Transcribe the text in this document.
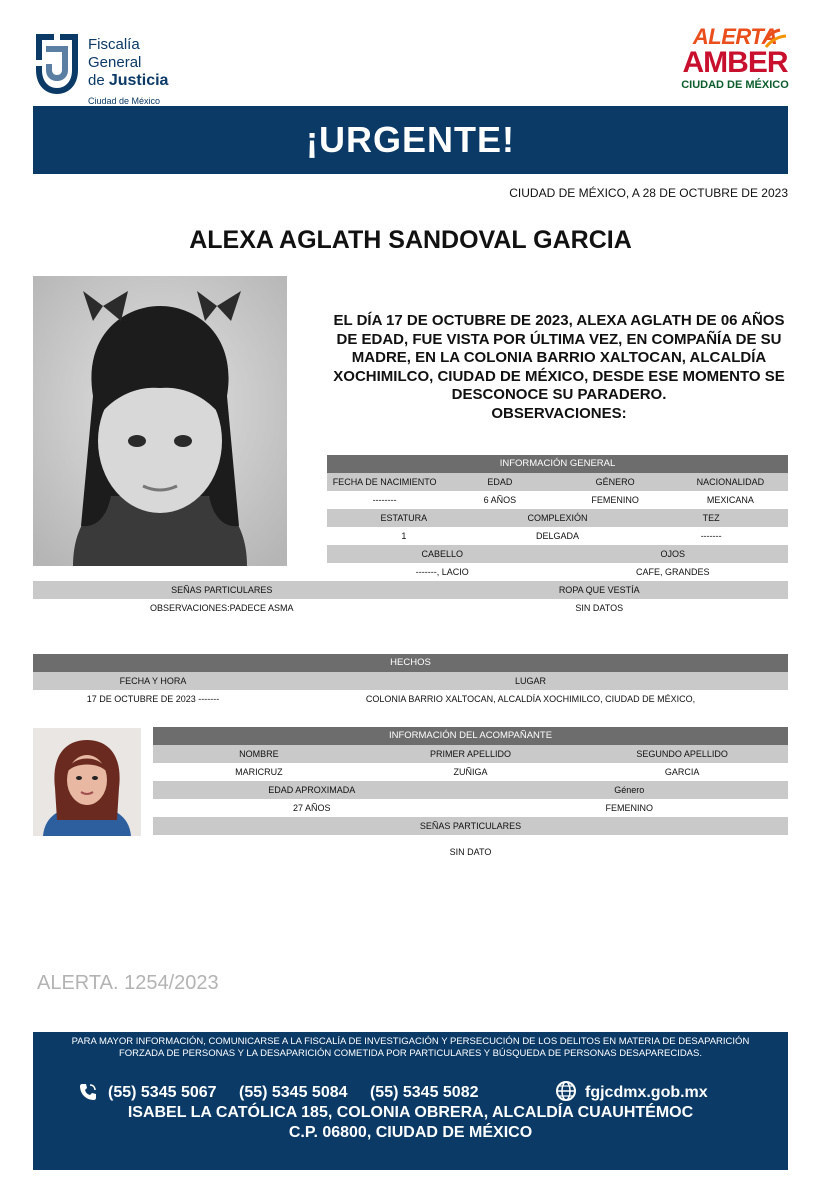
Fiscalía
General
de Justicia
Ciudad de México
ALERTA
AMBER
CIUDAD DE MÉXICO
¡URGENTE!
CIUDAD DE MÉXICO, A 28 DE OCTUBRE DE 2023
ALEXA AGLATH SANDOVAL GARCIA
EL DÍA 17 DE OCTUBRE DE 2023, ALEXA AGLATH DE 06 AÑOS DE EDAD, FUE VISTA POR ÚLTIMA VEZ, EN COMPAÑÍA DE SU MADRE, EN LA COLONIA BARRIO XALTOCAN, ALCALDÍA XOCHIMILCO, CIUDAD DE MÉXICO, DESDE ESE MOMENTO SE DESCONOCE SU PARADERO.
OBSERVACIONES:
INFORMACIÓN GENERAL
FECHA DE NACIMIENTO	EDAD	GÉNERO	NACIONALIDAD
--------	6 AÑOS	FEMENINO	MEXICANA
ESTATURA	COMPLEXIÓN	TEZ
1	DELGADA	-------
CABELLO	OJOS
-------, LACIO	CAFE, GRANDES
SEÑAS PARTICULARES	ROPA QUE VESTÍA
OBSERVACIONES:PADECE ASMA	SIN DATOS
HECHOS
FECHA Y HORA	LUGAR
17 DE OCTUBRE DE 2023 -------	COLONIA BARRIO XALTOCAN, ALCALDÍA XOCHIMILCO, CIUDAD DE MÉXICO,
INFORMACIÓN DEL ACOMPAÑANTE
NOMBRE	PRIMER APELLIDO	SEGUNDO APELLIDO
MARICRUZ	ZUÑIGA	GARCIA
EDAD APROXIMADA	Género
27 AÑOS	FEMENINO
SEÑAS PARTICULARES
SIN DATO
ALERTA. 1254/2023
PARA MAYOR INFORMACIÓN, COMUNICARSE A LA FISCALÍA DE INVESTIGACIÓN Y PERSECUCIÓN DE LOS DELITOS EN MATERIA DE DESAPARICIÓN FORZADA DE PERSONAS Y LA DESAPARICIÓN COMETIDA POR PARTICULARES Y BÚSQUEDA DE PERSONAS DESAPARECIDAS.
(55) 5345 5067 (55) 5345 5084 (55) 5345 5082	fgjcdmx.gob.mx
ISABEL LA CATÓLICA 185, COLONIA OBRERA, ALCALDÍA CUAUHTÉMOC
C.P. 06800, CIUDAD DE MÉXICO
